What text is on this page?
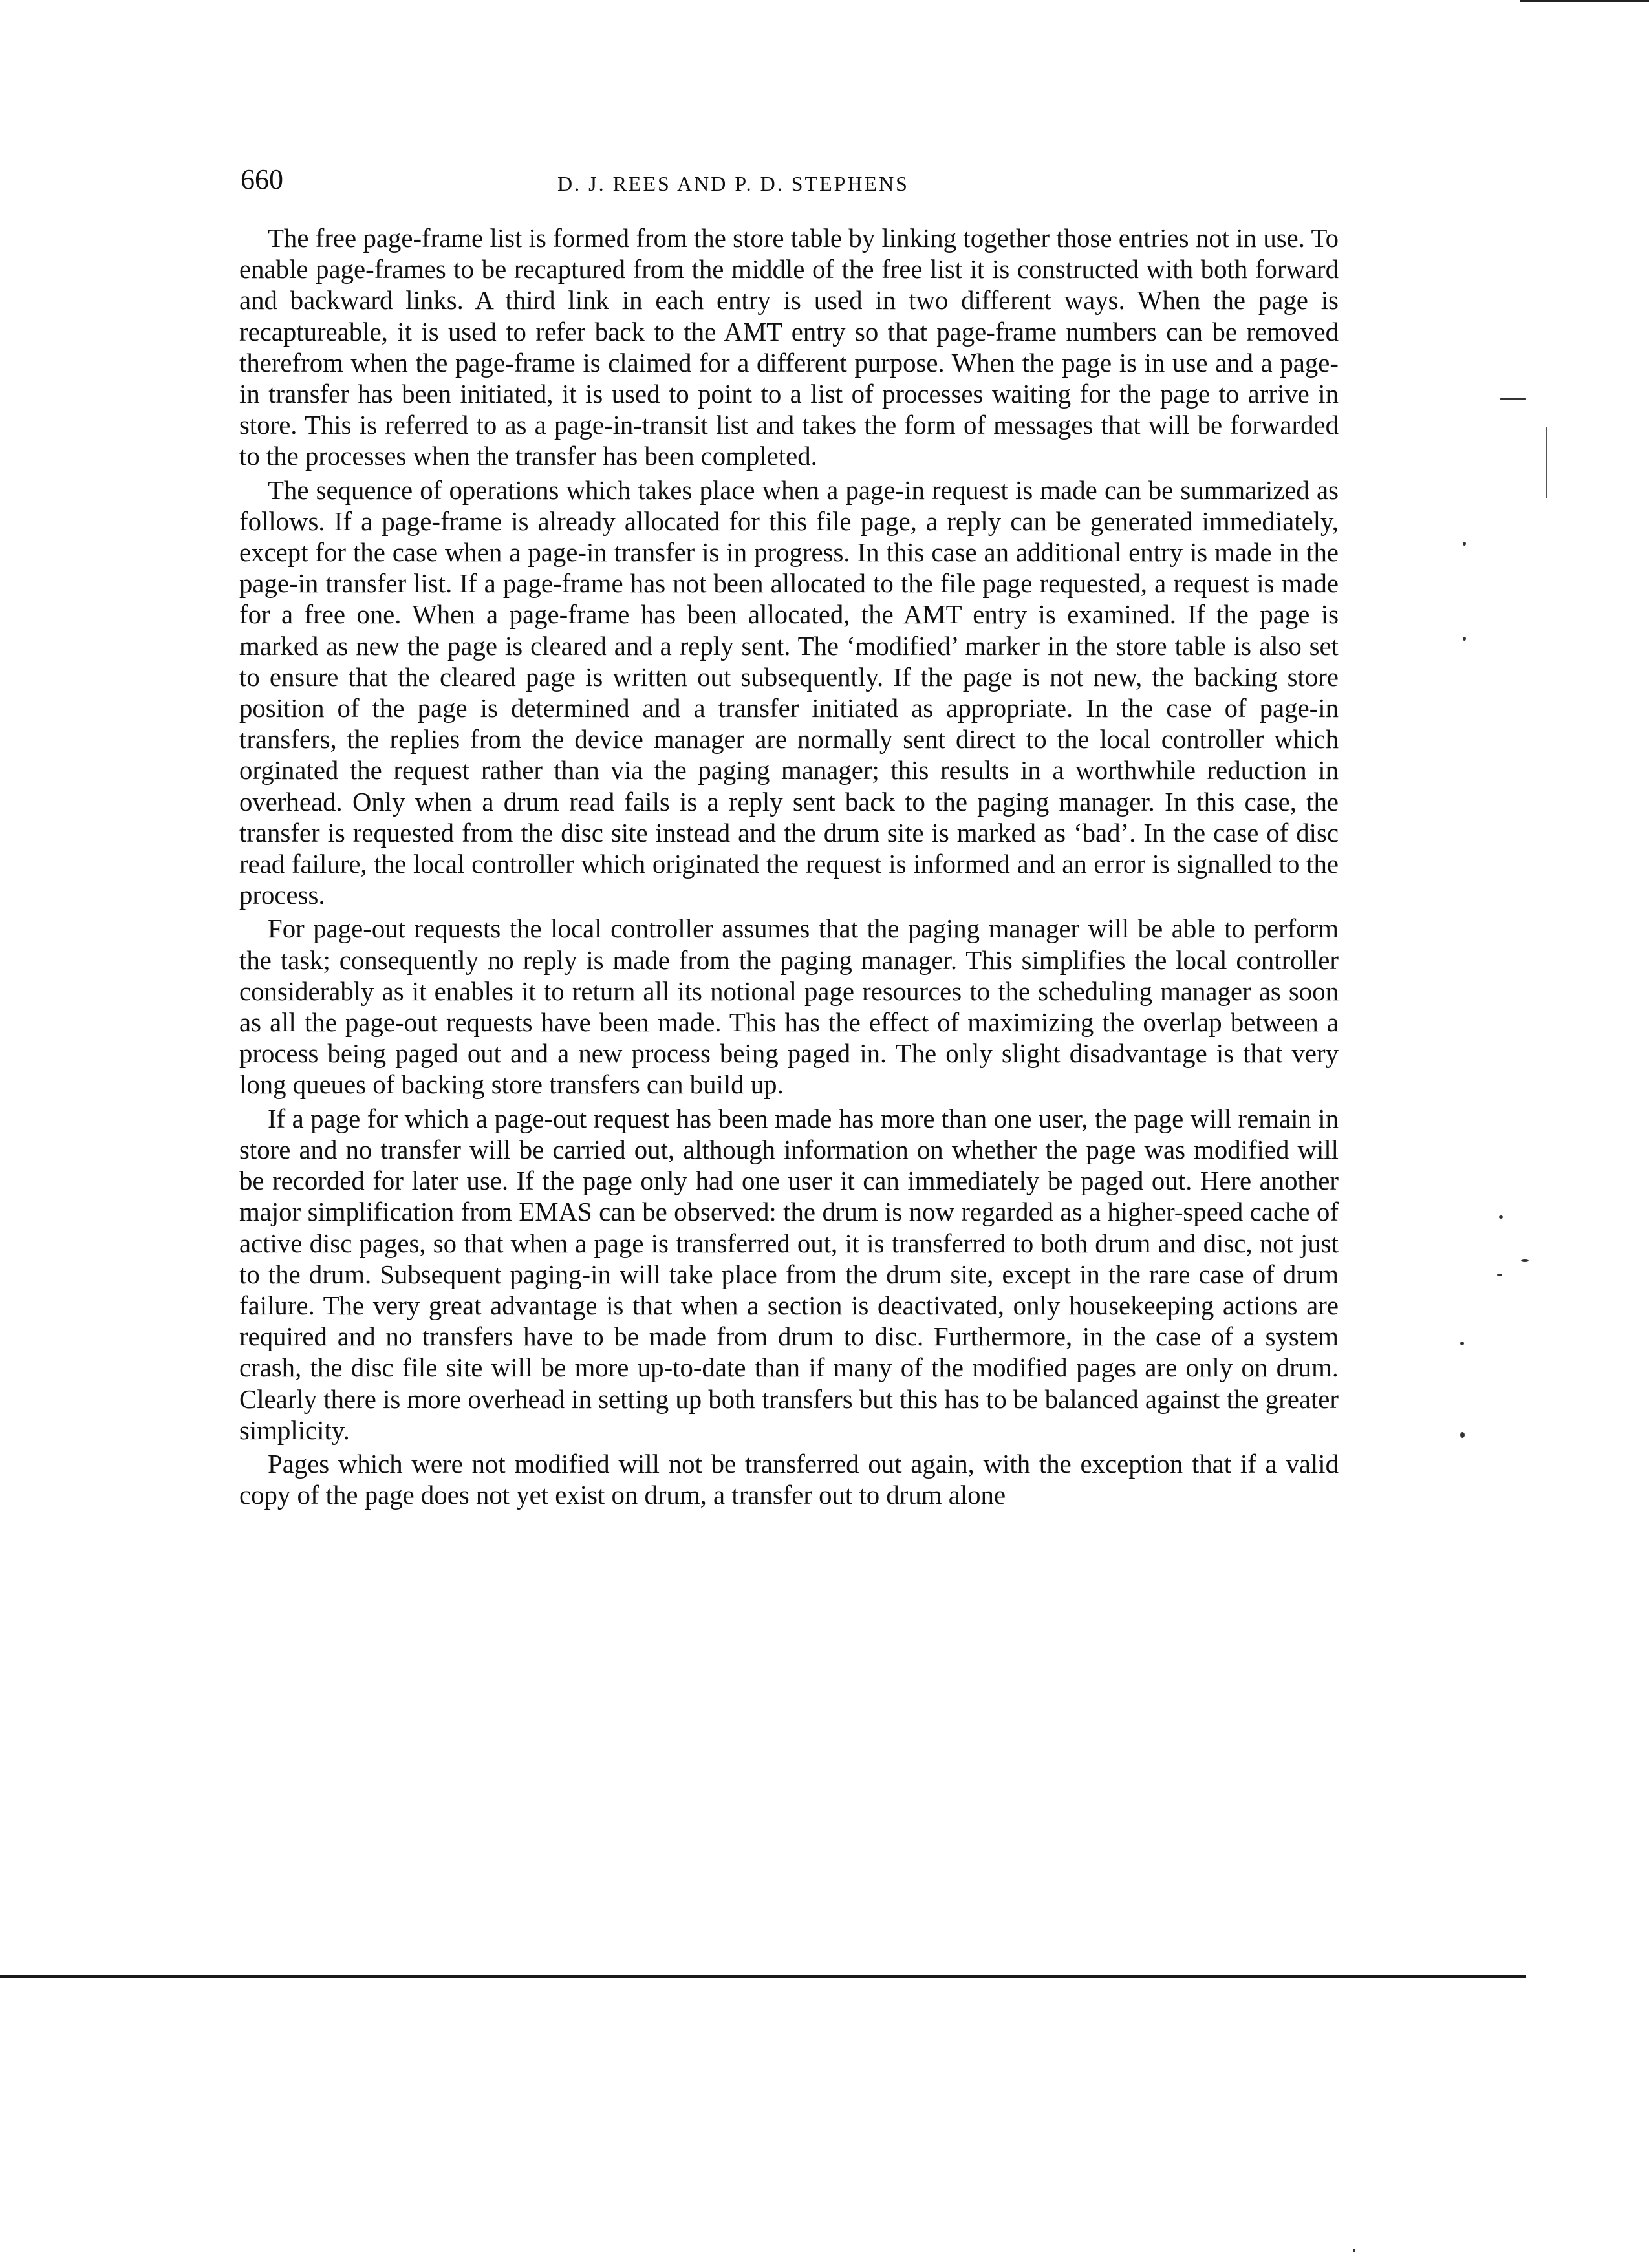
660	D. J. REES AND P. D. STEPHENS

The free page-frame list is formed from the store table by linking together those entries not in use. To enable page-frames to be recaptured from the middle of the free list it is constructed with both forward and backward links. A third link in each entry is used in two different ways. When the page is recaptureable, it is used to refer back to the AMT entry so that page-frame numbers can be removed therefrom when the page-frame is claimed for a different purpose. When the page is in use and a page-in transfer has been initiated, it is used to point to a list of processes waiting for the page to arrive in store. This is referred to as a page-in-transit list and takes the form of messages that will be forwarded to the processes when the transfer has been completed.

The sequence of operations which takes place when a page-in request is made can be summarized as follows. If a page-frame is already allocated for this file page, a reply can be generated immediately, except for the case when a page-in transfer is in progress. In this case an additional entry is made in the page-in transfer list. If a page-frame has not been allocated to the file page requested, a request is made for a free one. When a page-frame has been allocated, the AMT entry is examined. If the page is marked as new the page is cleared and a reply sent. The ‘modified’ marker in the store table is also set to ensure that the cleared page is written out subsequently. If the page is not new, the backing store position of the page is determined and a transfer initiated as appropriate. In the case of page-in transfers, the replies from the device manager are normally sent direct to the local controller which orginated the request rather than via the paging manager; this results in a worthwhile reduction in overhead. Only when a drum read fails is a reply sent back to the paging manager. In this case, the transfer is requested from the disc site instead and the drum site is marked as ‘bad’. In the case of disc read failure, the local controller which originated the request is informed and an error is signalled to the process.

For page-out requests the local controller assumes that the paging manager will be able to perform the task; consequently no reply is made from the paging manager. This simplifies the local controller considerably as it enables it to return all its notional page resources to the scheduling manager as soon as all the page-out requests have been made. This has the effect of maximizing the overlap between a process being paged out and a new process being paged in. The only slight disadvantage is that very long queues of backing store transfers can build up.

If a page for which a page-out request has been made has more than one user, the page will remain in store and no transfer will be carried out, although information on whether the page was modified will be recorded for later use. If the page only had one user it can immediately be paged out. Here another major simplification from EMAS can be observed: the drum is now regarded as a higher-speed cache of active disc pages, so that when a page is transferred out, it is transferred to both drum and disc, not just to the drum. Subsequent paging-in will take place from the drum site, except in the rare case of drum failure. The very great advantage is that when a section is deactivated, only housekeeping actions are required and no transfers have to be made from drum to disc. Furthermore, in the case of a system crash, the disc file site will be more up-to-date than if many of the modified pages are only on drum. Clearly there is more overhead in setting up both transfers but this has to be balanced against the greater simplicity.

Pages which were not modified will not be transferred out again, with the exception that if a valid copy of the page does not yet exist on drum, a transfer out to drum alone
